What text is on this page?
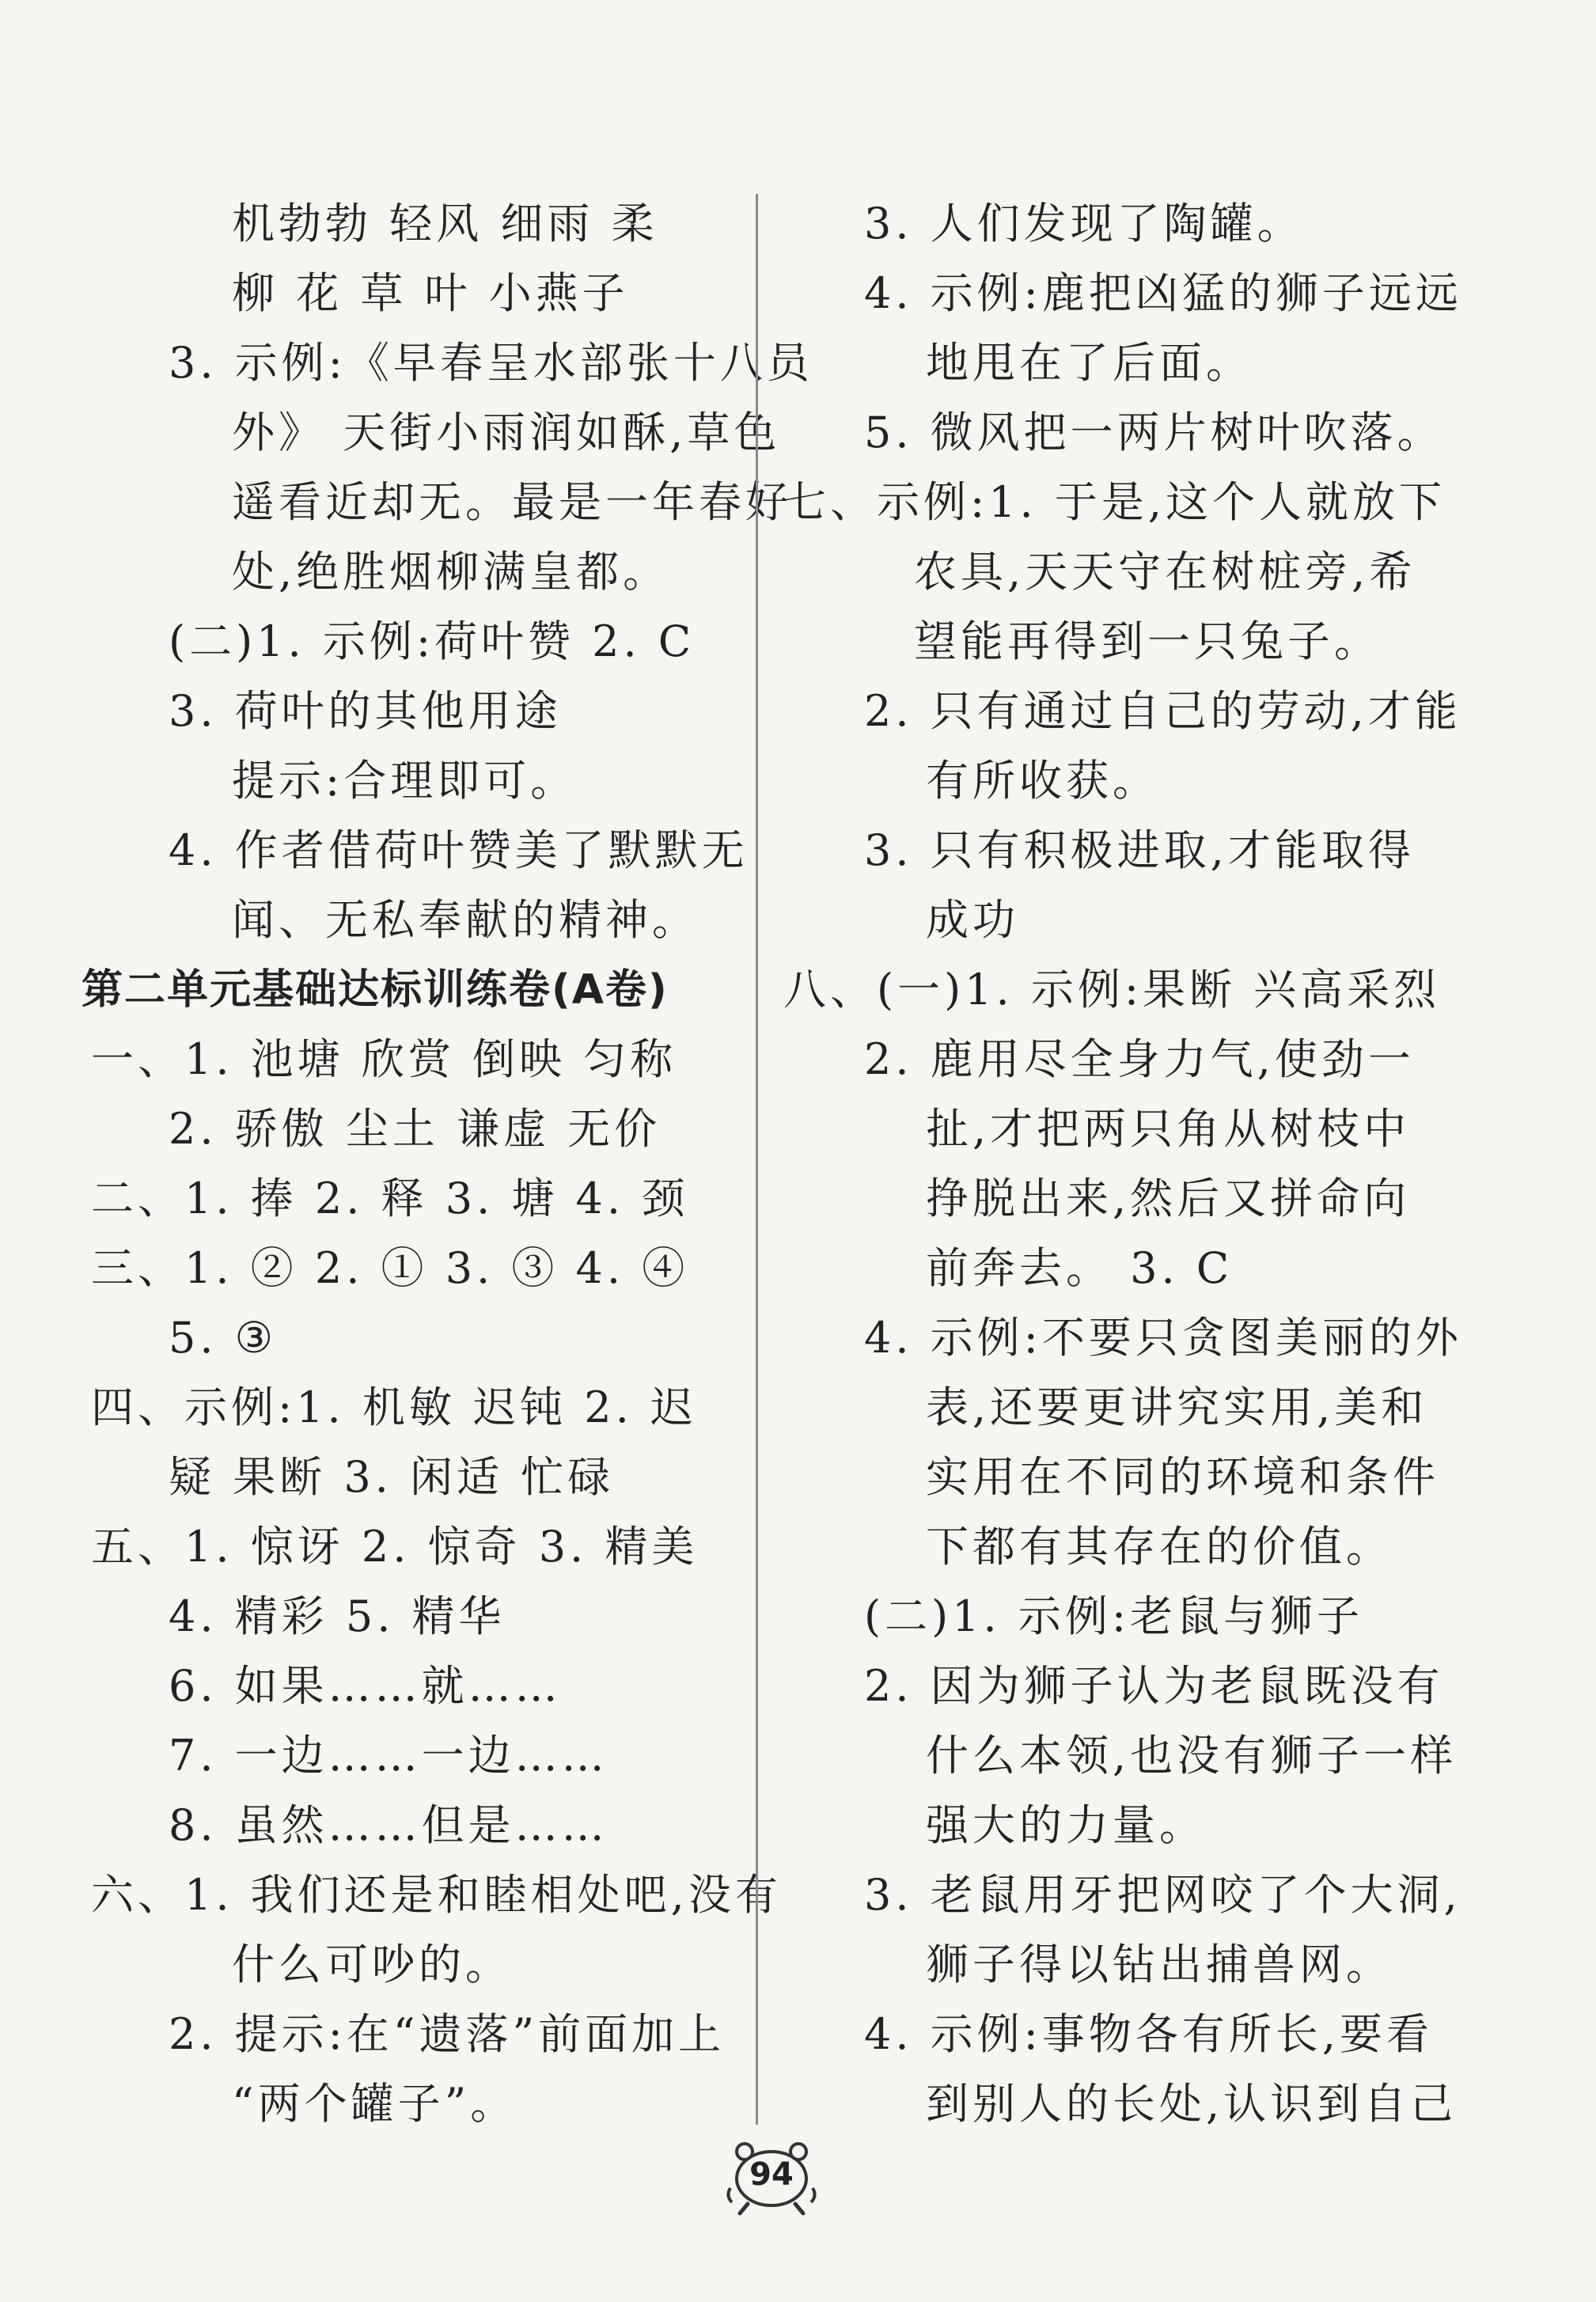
机勃勃 轻风 细雨 柔
柳 花 草 叶 小燕子
3. 示例:《早春呈水部张十八员
外》 天街小雨润如酥,草色
遥看近却无。最是一年春好
处,绝胜烟柳满皇都。
(二)1. 示例:荷叶赞 2. C
3. 荷叶的其他用途
提示:合理即可。
4. 作者借荷叶赞美了默默无
闻、无私奉献的精神。
第二单元基础达标训练卷(A卷)
一、1. 池塘 欣赏 倒映 匀称
2. 骄傲 尘土 谦虚 无价
二、1. 捧 2. 释 3. 塘 4. 颈
三、1. ② 2. ① 3. ③ 4. ④
5. ③
四、示例:1. 机敏 迟钝 2. 迟
疑 果断 3. 闲适 忙碌
五、1. 惊讶 2. 惊奇 3. 精美
4. 精彩 5. 精华
6. 如果……就……
7. 一边……一边……
8. 虽然……但是……
六、1. 我们还是和睦相处吧,没有
什么可吵的。
2. 提示:在“遗落”前面加上
“两个罐子”。
3. 人们发现了陶罐。
4. 示例:鹿把凶猛的狮子远远
地甩在了后面。
5. 微风把一两片树叶吹落。
七、示例:1. 于是,这个人就放下
农具,天天守在树桩旁,希
望能再得到一只兔子。
2. 只有通过自己的劳动,才能
有所收获。
3. 只有积极进取,才能取得
成功
八、(一)1. 示例:果断 兴高采烈
2. 鹿用尽全身力气,使劲一
扯,才把两只角从树枝中
挣脱出来,然后又拼命向
前奔去。 3. C
4. 示例:不要只贪图美丽的外
表,还要更讲究实用,美和
实用在不同的环境和条件
下都有其存在的价值。
(二)1. 示例:老鼠与狮子
2. 因为狮子认为老鼠既没有
什么本领,也没有狮子一样
强大的力量。
3. 老鼠用牙把网咬了个大洞,
狮子得以钻出捕兽网。
4. 示例:事物各有所长,要看
到别人的长处,认识到自己
94
